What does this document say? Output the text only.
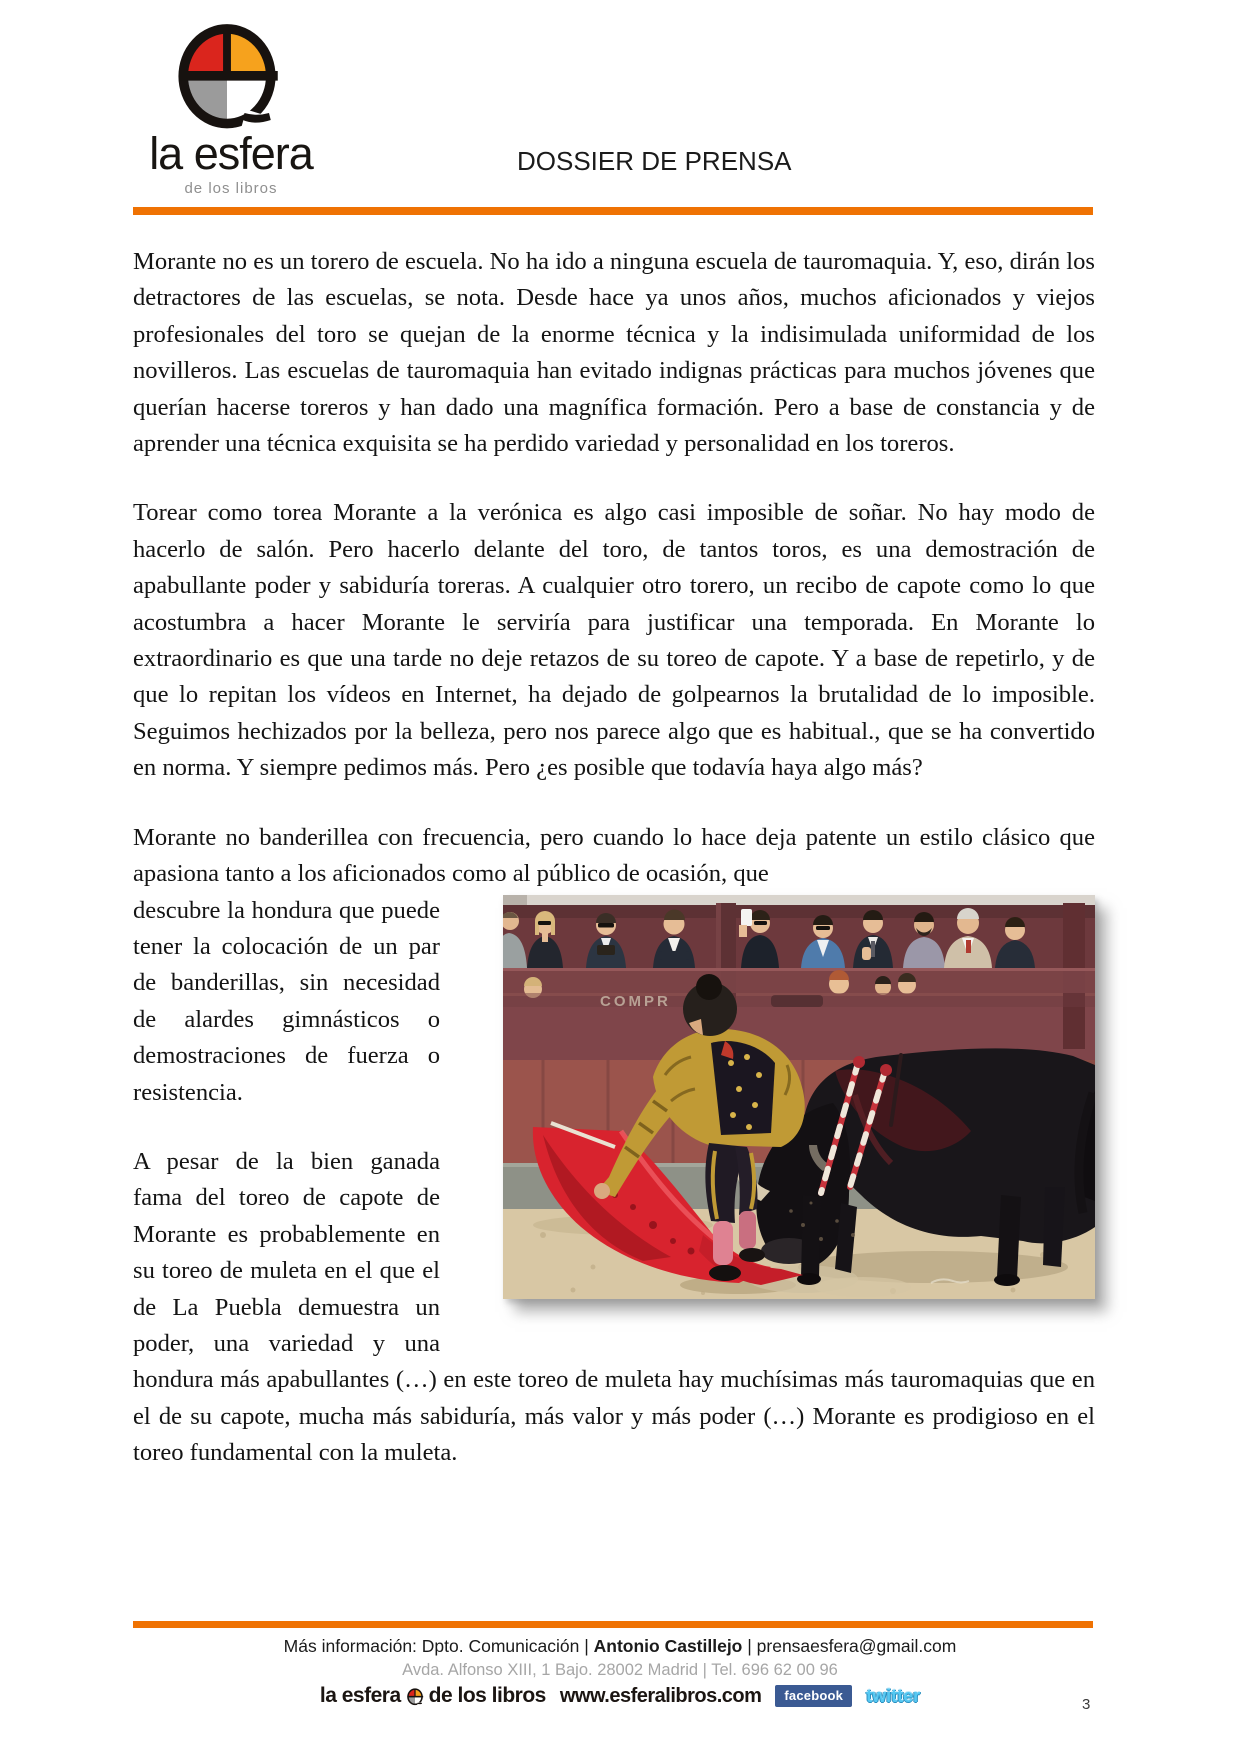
la esfera
de los libros
DOSSIER DE PRENSA

Morante no es un torero de escuela. No ha ido a ninguna escuela de tauromaquia. Y, eso, dirán los detractores de las escuelas, se nota. Desde hace ya unos años, muchos aficionados y viejos profesionales del toro se quejan de la enorme técnica y la indisimulada uniformidad de los novilleros. Las escuelas de tauromaquia han evitado indignas prácticas para muchos jóvenes que querían hacerse toreros y han dado una magnífica formación. Pero a base de constancia y de aprender una técnica exquisita se ha perdido variedad y personalidad en los toreros.

Torear como torea Morante a la verónica es algo casi imposible de soñar. No hay modo de hacerlo de salón. Pero hacerlo delante del toro, de tantos toros, es una demostración de apabullante poder y sabiduría toreras. A cualquier otro torero, un recibo de capote como lo que acostumbra a hacer Morante le serviría para justificar una temporada. En Morante lo extraordinario es que una tarde no deje retazos de su toreo de capote. Y a base de repetirlo, y de que lo repitan los vídeos en Internet, ha dejado de golpearnos la brutalidad de lo imposible. Seguimos hechizados por la belleza, pero nos parece algo que es habitual., que se ha convertido en norma. Y siempre pedimos más. Pero ¿es posible que todavía haya algo más?

Morante no banderillea con frecuencia, pero cuando lo hace deja patente un estilo clásico que apasiona tanto a los aficionados como al público de ocasión, que

COMPR

descubre la hondura que puede tener la colocación de un par de banderillas, sin necesidad de alardes gimnásticos o demostraciones de fuerza o resistencia.

A pesar de la bien ganada fama del toreo de capote de Morante es probablemente en su toreo de muleta en el que el de La Puebla demuestra un poder, una variedad y una hondura más apabullantes (…) en este toreo de muleta hay muchísimas más tauromaquias que en el de su capote, mucha más sabiduría, más valor y más poder (…) Morante es prodigioso en el toreo fundamental con la muleta.

Más información: Dpto. Comunicación | Antonio Castillejo | prensaesfera@gmail.com
Avda. Alfonso XIII, 1 Bajo. 28002 Madrid | Tel. 696 62 00 96
la esfera de los libros www.esferalibros.com	facebook	twitter	3
